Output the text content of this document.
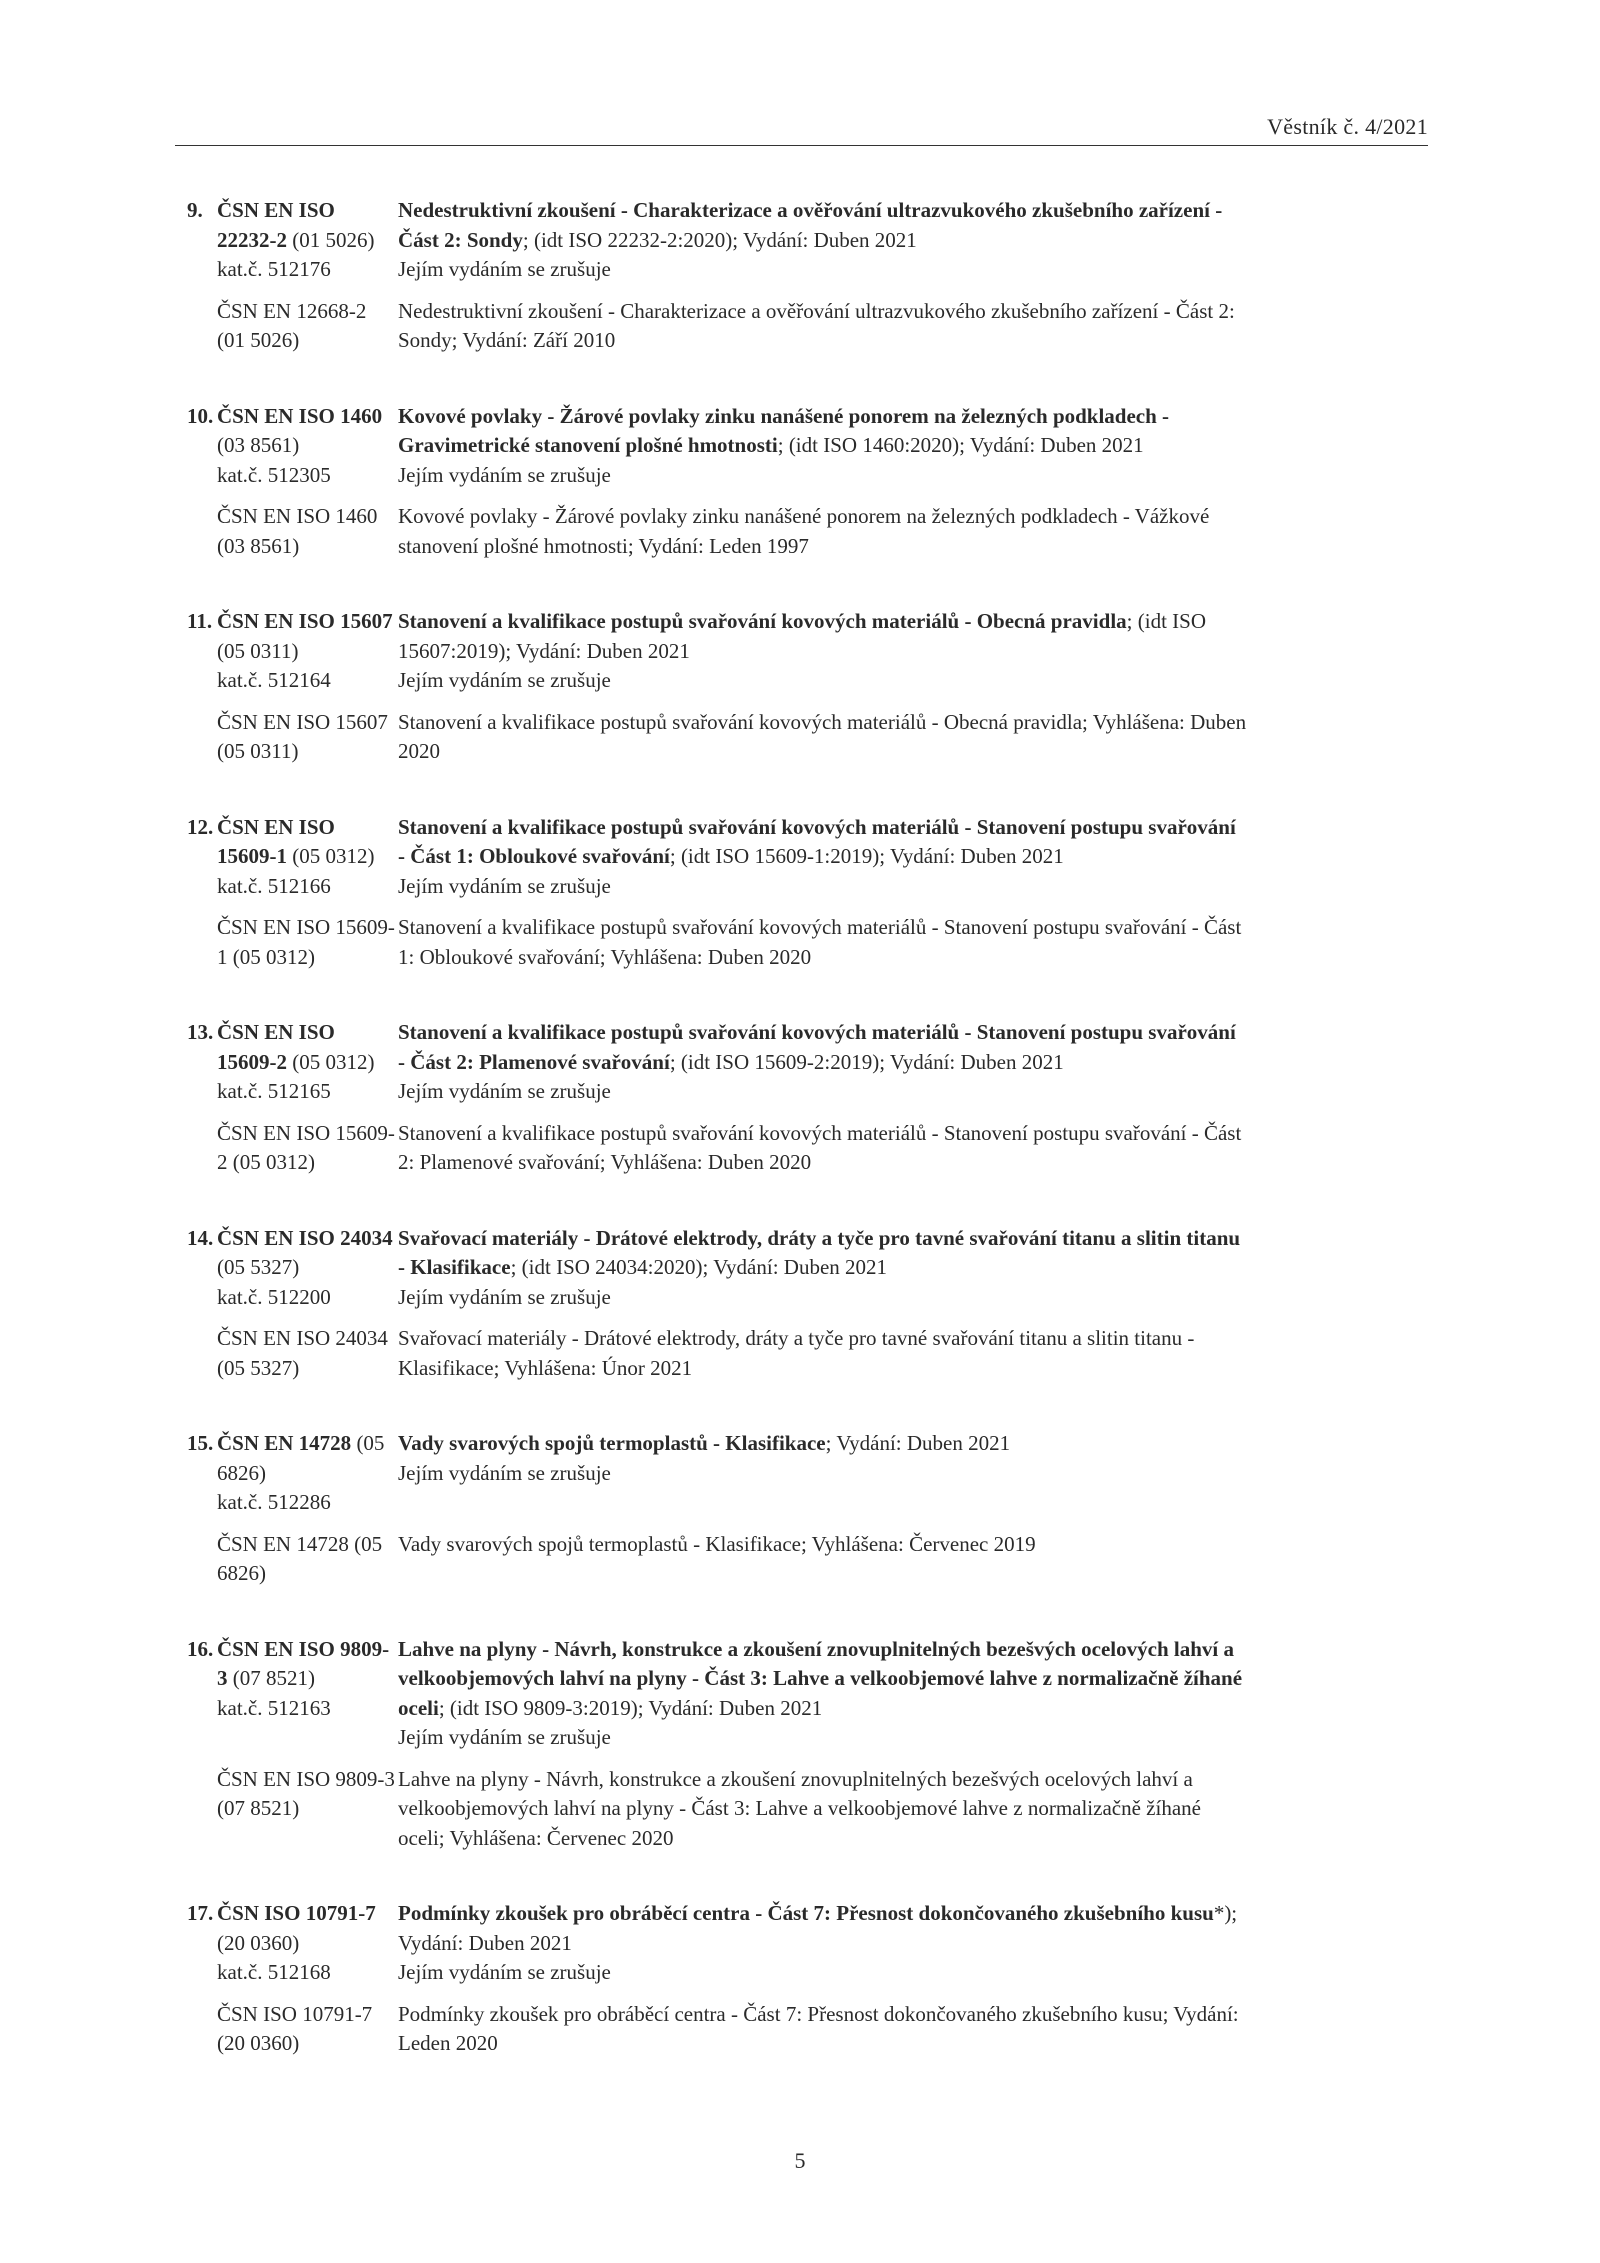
Věstník č. 4/2021
9. ČSN EN ISO 22232-2 (01 5026)
kat.č. 512176
Nedestruktivní zkoušení - Charakterizace a ověřování ultrazvukového zkušebního zařízení - Část 2: Sondy; (idt ISO 22232-2:2020); Vydání: Duben 2021
Jejím vydáním se zrušuje
ČSN EN 12668-2 (01 5026)
Nedestruktivní zkoušení - Charakterizace a ověřování ultrazvukového zkušebního zařízení - Část 2: Sondy; Vydání: Září 2010
10. ČSN EN ISO 1460 (03 8561)
kat.č. 512305
Kovové povlaky - Žárové povlaky zinku nanášené ponorem na železných podkladech - Gravimetrické stanovení plošné hmotnosti; (idt ISO 1460:2020); Vydání: Duben 2021
Jejím vydáním se zrušuje
ČSN EN ISO 1460 (03 8561)
Kovové povlaky - Žárové povlaky zinku nanášené ponorem na železných podkladech - Vážkové stanovení plošné hmotnosti; Vydání: Leden 1997
11. ČSN EN ISO 15607 (05 0311)
kat.č. 512164
Stanovení a kvalifikace postupů svařování kovových materiálů - Obecná pravidla; (idt ISO 15607:2019); Vydání: Duben 2021
Jejím vydáním se zrušuje
ČSN EN ISO 15607 (05 0311)
Stanovení a kvalifikace postupů svařování kovových materiálů - Obecná pravidla; Vyhlášena: Duben 2020
12. ČSN EN ISO 15609-1 (05 0312)
kat.č. 512166
Stanovení a kvalifikace postupů svařování kovových materiálů - Stanovení postupu svařování - Část 1: Obloukové svařování; (idt ISO 15609-1:2019); Vydání: Duben 2021
Jejím vydáním se zrušuje
ČSN EN ISO 15609-1 (05 0312)
Stanovení a kvalifikace postupů svařování kovových materiálů - Stanovení postupu svařování - Část 1: Obloukové svařování; Vyhlášena: Duben 2020
13. ČSN EN ISO 15609-2 (05 0312)
kat.č. 512165
Stanovení a kvalifikace postupů svařování kovových materiálů - Stanovení postupu svařování - Část 2: Plamenové svařování; (idt ISO 15609-2:2019); Vydání: Duben 2021
Jejím vydáním se zrušuje
ČSN EN ISO 15609-2 (05 0312)
Stanovení a kvalifikace postupů svařování kovových materiálů - Stanovení postupu svařování - Část 2: Plamenové svařování; Vyhlášena: Duben 2020
14. ČSN EN ISO 24034 (05 5327)
kat.č. 512200
Svařovací materiály - Drátové elektrody, dráty a tyče pro tavné svařování titanu a slitin titanu - Klasifikace; (idt ISO 24034:2020); Vydání: Duben 2021
Jejím vydáním se zrušuje
ČSN EN ISO 24034 (05 5327)
Svařovací materiály - Drátové elektrody, dráty a tyče pro tavné svařování titanu a slitin titanu - Klasifikace; Vyhlášena: Únor 2021
15. ČSN EN 14728 (05 6826)
kat.č. 512286
Vady svarových spojů termoplastů - Klasifikace; Vydání: Duben 2021
Jejím vydáním se zrušuje
ČSN EN 14728 (05 6826)
Vady svarových spojů termoplastů - Klasifikace; Vyhlášena: Červenec 2019
16. ČSN EN ISO 9809-3 (07 8521)
kat.č. 512163
Lahve na plyny - Návrh, konstrukce a zkoušení znovuplnitelných bezešvých ocelových lahví a velkoobjemových lahví na plyny - Část 3: Lahve a velkoobjemové lahve z normalizačně žíhané oceli; (idt ISO 9809-3:2019); Vydání: Duben 2021
Jejím vydáním se zrušuje
ČSN EN ISO 9809-3 (07 8521)
Lahve na plyny - Návrh, konstrukce a zkoušení znovuplnitelných bezešvých ocelových lahví a velkoobjemových lahví na plyny - Část 3: Lahve a velkoobjemové lahve z normalizačně žíhané oceli; Vyhlášena: Červenec 2020
17. ČSN ISO 10791-7 (20 0360)
kat.č. 512168
Podmínky zkoušek pro obráběcí centra - Část 7: Přesnost dokončovaného zkušebního kusu*); Vydání: Duben 2021
Jejím vydáním se zrušuje
ČSN ISO 10791-7 (20 0360)
Podmínky zkoušek pro obráběcí centra - Část 7: Přesnost dokončovaného zkušebního kusu; Vydání: Leden 2020
5
